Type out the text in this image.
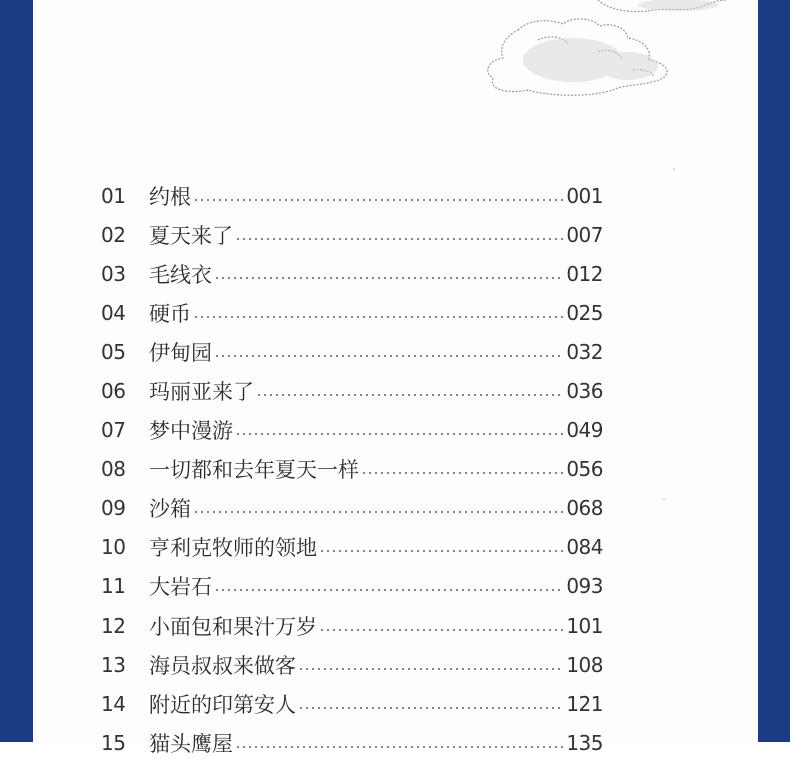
01	约根	001
02	夏天来了	007
03	毛线衣	012
04	硬币	025
05	伊甸园	032
06	玛丽亚来了	036
07	梦中漫游	049
08	一切都和去年夏天一样	056
09	沙箱	068
10	亨利克牧师的领地	084
11	大岩石	093
12	小面包和果汁万岁	101
13	海员叔叔来做客	108
14	附近的印第安人	121
15	猫头鹰屋	135
